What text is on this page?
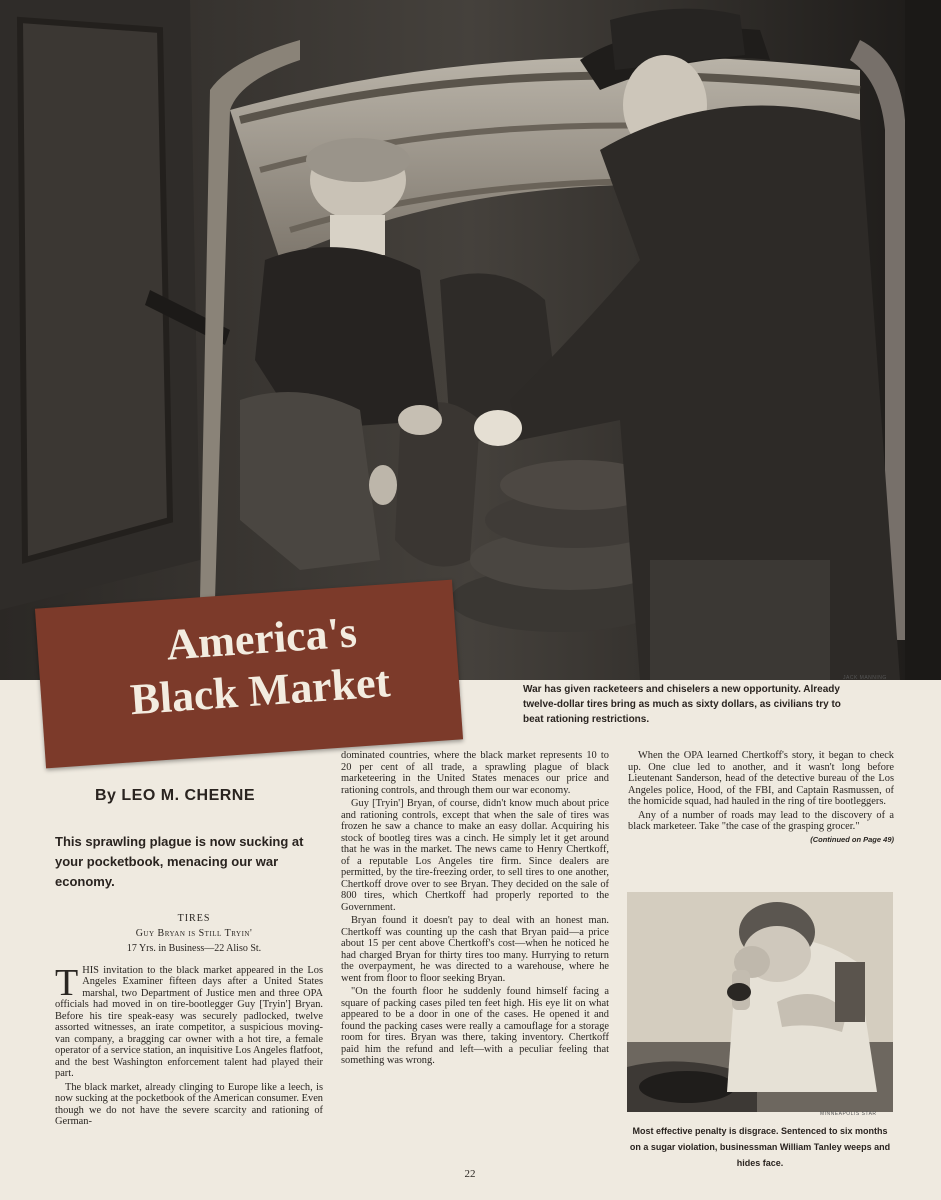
JACK MANNING
America's
Black Market	War has given racketeers and chiselers a new opportunity. Already twelve-dollar tires bring as much as sixty dollars, as civilians try to beat rationing restrictions.
By LEO M. CHERNE
This sprawling plague is now sucking at your pocketbook, menacing our war economy.

TIRES

Guy Bryan is Still Tryin'

17 Yrs. in Business—22 Aliso St.

THIS invitation to the black market appeared in the Los Angeles Examiner fifteen days after a United States marshal, two Department of Justice men and three OPA officials had moved in on tire-bootlegger Guy [Tryin'] Bryan. Before his tire speak-easy was securely padlocked, twelve assorted witnesses, an irate competitor, a suspicious moving-van company, a bragging car owner with a hot tire, a female operator of a service station, an inquisitive Los Angeles flatfoot, and the best Washington enforcement talent had played their part.

The black market, already clinging to Europe like a leech, is now sucking at the pocketbook of the American consumer. Even though we do not have the severe scarcity and rationing of German-

dominated countries, where the black market represents 10 to 20 per cent of all trade, a sprawling plague of black marketeering in the United States menaces our price and rationing controls, and through them our war economy.

Guy [Tryin'] Bryan, of course, didn't know much about price and rationing controls, except that when the sale of tires was frozen he saw a chance to make an easy dollar. Acquiring his stock of bootleg tires was a cinch. He simply let it get around that he was in the market. The news came to Henry Chertkoff, of a reputable Los Angeles tire firm. Since dealers are permitted, by the tire-freezing order, to sell tires to one another, Chertkoff drove over to see Bryan. They decided on the sale of 800 tires, which Chertkoff had properly reported to the Government.

Bryan found it doesn't pay to deal with an honest man. Chertkoff was counting up the cash that Bryan paid—a price about 15 per cent above Chertkoff's cost—when he noticed he had charged Bryan for thirty tires too many. Hurrying to return the overpayment, he was directed to a warehouse, where he went from floor to floor seeking Bryan.

"On the fourth floor he suddenly found himself facing a square of packing cases piled ten feet high. His eye lit on what appeared to be a door in one of the cases. He opened it and found the packing cases were really a camouflage for a storage room for tires. Bryan was there, taking inventory. Chertkoff paid him the refund and left—with a peculiar feeling that something was wrong.

When the OPA learned Chertkoff's story, it began to check up. One clue led to another, and it wasn't long before Lieutenant Sanderson, head of the detective bureau of the Los Angeles police, Hood, of the FBI, and Captain Rasmussen, of the homicide squad, had hauled in the ring of tire bootleggers.

Any of a number of roads may lead to the discovery of a black marketeer. Take "the case of the grasping grocer."
(Continued on Page 49)

MINNEAPOLIS STAR
Most effective penalty is disgrace. Sentenced to six months on a sugar violation, businessman William Tanley weeps and hides face.
22
